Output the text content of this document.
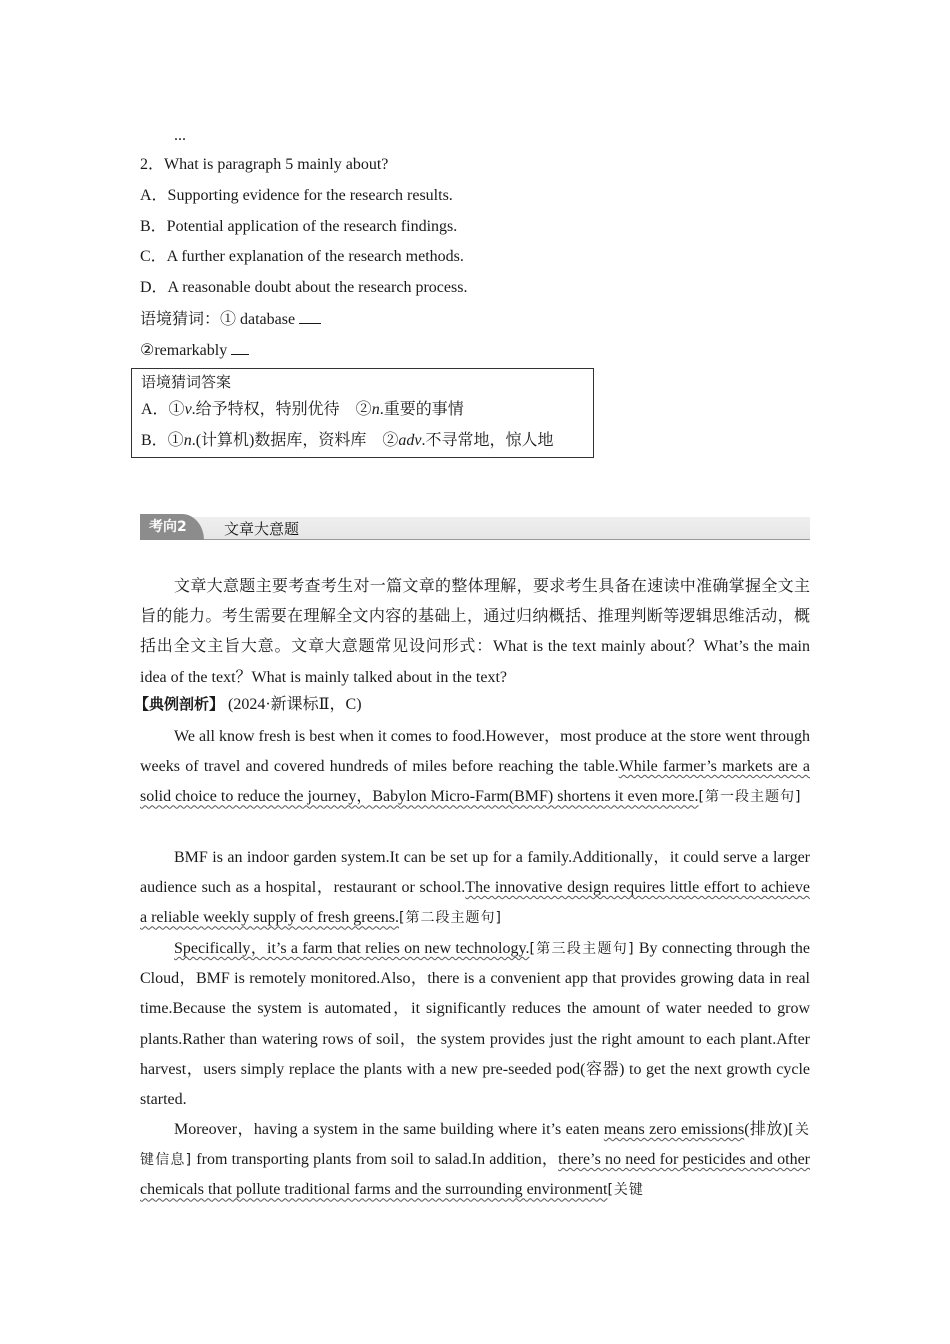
...
2．What is paragraph 5 mainly about?
A．Supporting evidence for the research results.
B．Potential application of the research findings.
C．A further explanation of the research methods.
D．A reasonable doubt about the research process.
语境猜词：① database
②remarkably
语境猜词答案
A．①v.给予特权，特别优待　②n.重要的事情
B．①n.(计算机)数据库，资料库　②adv.不寻常地，惊人地
考向2	文章大意题

文章大意题主要考查考生对一篇文章的整体理解，要求考生具备在速读中准确掌握全文主旨的能力。考生需要在理解全文内容的基础上，通过归纳概括、推理判断等逻辑思维活动，概括出全文主旨大意。文章大意题常见设问形式：What is the text mainly about？What’s the main idea of the text？What is mainly talked about in the text?

【典例剖析】 (2024·新课标Ⅱ，C)

We all know fresh is best when it comes to food.However，most produce at the store went through weeks of travel and covered hundreds of miles before reaching the table.While farmer’s markets are a solid choice to reduce the journey，Babylon Micro-Farm(BMF) shortens it even more.[第一段主题句]

BMF is an indoor garden system.It can be set up for a family.Additionally，it could serve a larger audience such as a hospital，restaurant or school.The innovative design requires little effort to achieve a reliable weekly supply of fresh greens.[第二段主题句]

Specifically，it’s a farm that relies on new technology.[第三段主题句] By connecting through the Cloud，BMF is remotely monitored.Also，there is a convenient app that provides growing data in real time.Because the system is automated，it significantly reduces the amount of water needed to grow plants.Rather than watering rows of soil，the system provides just the right amount to each plant.After harvest，users simply replace the plants with a new pre-seeded pod(容器) to get the next growth cycle started.

Moreover，having a system in the same building where it’s eaten means zero emissions(排放)[关键信息] from transporting plants from soil to salad.In addition，there’s no need for pesticides and other chemicals that pollute traditional farms and the surrounding environment[关键
